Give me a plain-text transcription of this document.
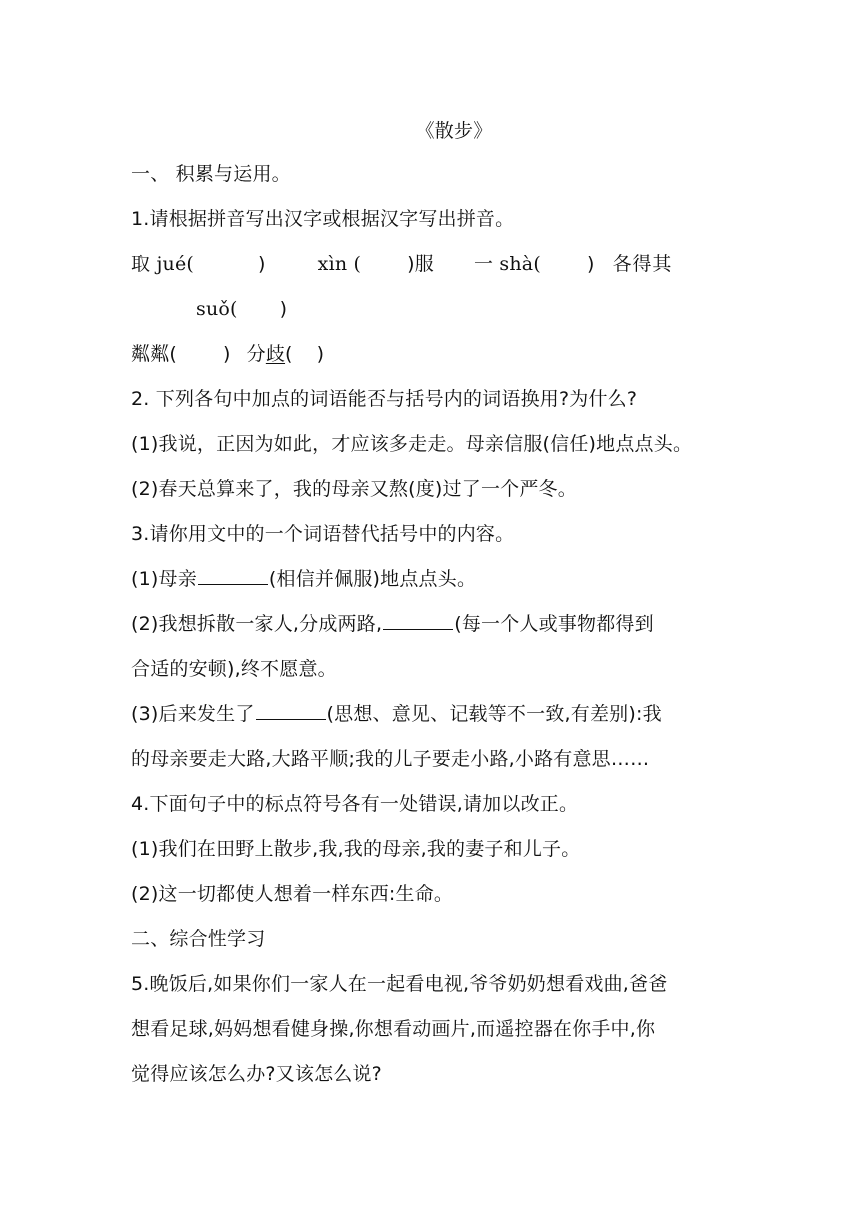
《散步》
一、 积累与运用。
1.请根据拼音写出汉字或根据汉字写出拼音。
取 jué(	)	xìn ( )服 一 shà( ) 各得其
suǒ( )
粼粼( ) 分歧( )
2. 下列各句中加点的词语能否与括号内的词语换用?为什么?
(1)我说，正因为如此，才应该多走走。母亲信服(信任)地点点头。
(2)春天总算来了，我的母亲又熬(度)过了一个严冬。
3.请你用文中的一个词语替代括号中的内容。
(1)母亲	(相信并佩服)地点点头。
(2)我想拆散一家人,分成两路,	(每一个人或事物都得到
合适的安顿),终不愿意。
(3)后来发生了	(思想、意见、记载等不一致,有差别):我
的母亲要走大路,大路平顺;我的儿子要走小路,小路有意思……
4.下面句子中的标点符号各有一处错误,请加以改正。
(1)我们在田野上散步,我,我的母亲,我的妻子和儿子。
(2)这一切都使人想着一样东西:生命。
二、综合性学习
5.晚饭后,如果你们一家人在一起看电视,爷爷奶奶想看戏曲,爸爸
想看足球,妈妈想看健身操,你想看动画片,而遥控器在你手中,你
觉得应该怎么办?又该怎么说?
